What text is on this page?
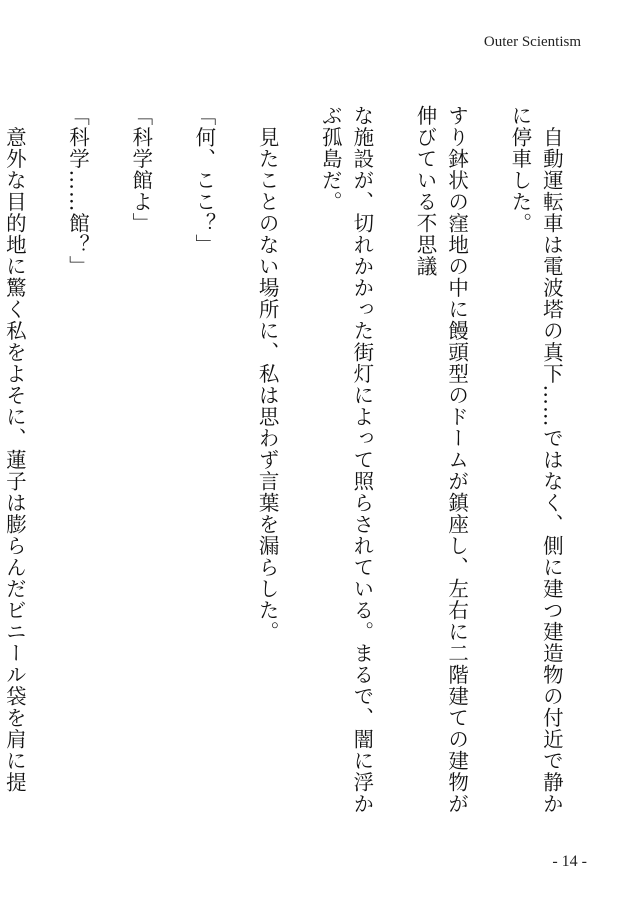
Outer Scientism

　自動運転車は電波塔の真下……ではなく、側に建つ建造物の付近で静かに停車した。

すり鉢状の窪地の中に饅頭型のドームが鎮座し、左右に二階建ての建物が伸びている不思議

な施設が、切れかかった街灯によって照らされている。まるで、闇に浮かぶ孤島だ。

　見たことのない場所に、私は思わず言葉を漏らした。

「何、ここ？」

「科学館よ」

「科学……館？」

　意外な目的地に驚く私をよそに、蓮子は膨らんだビニール袋を肩に提

- 14 -
